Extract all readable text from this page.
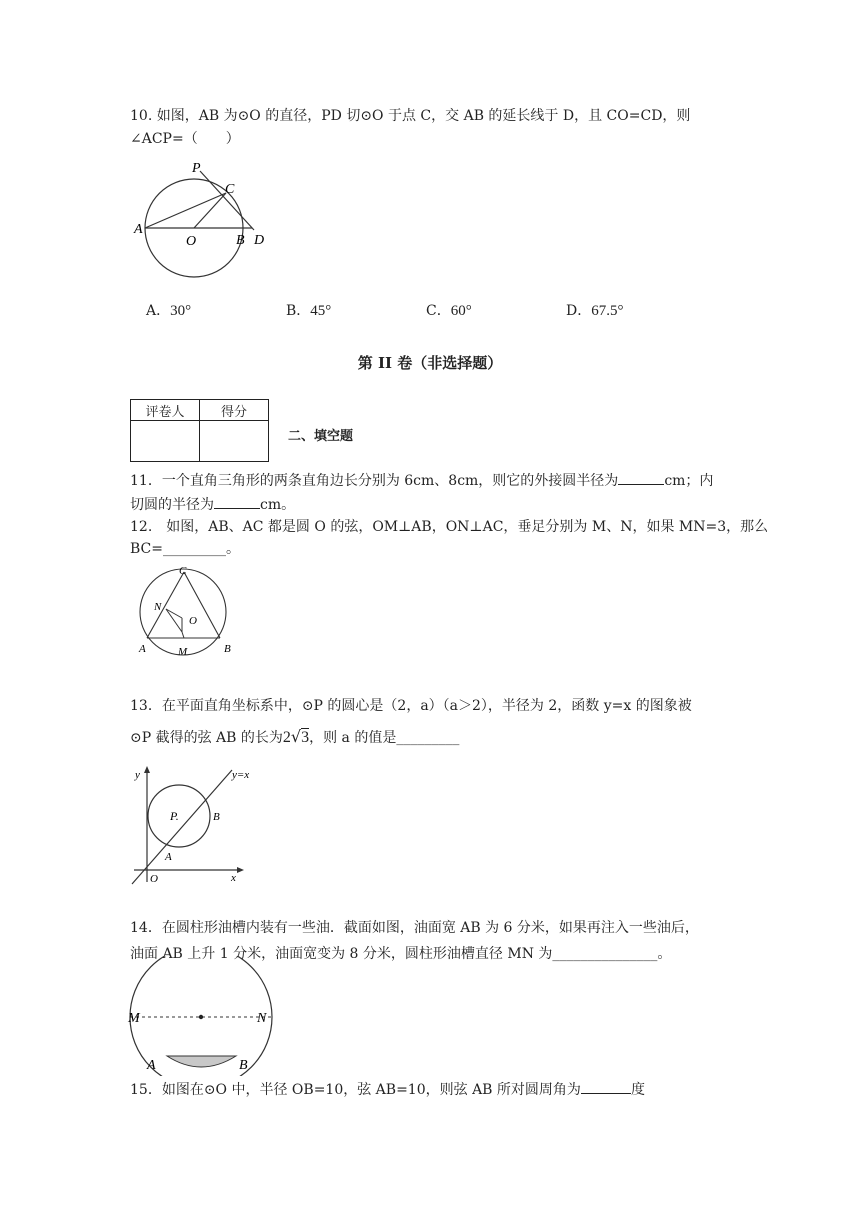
10. 如图，AB 为⊙O 的直径，PD 切⊙O 于点 C，交 AB 的延长线于 D，且 CO=CD，则
∠ACP=（　　）
P
C
A
O	B D
A．30°	B．45°	C．60°	D．67.5°
第 II 卷（非选择题）
评卷人	得分

二、填空题
11．一个直角三角形的两条直角边长分别为 6cm、8cm，则它的外接圆半径为	cm；内
切圆的半径为	cm。
12.　如图，AB、AC 都是圆 O 的弦，OM⊥AB，ON⊥AC，垂足分别为 M、N，如果 MN=3，那么
BC=_________。
C
N
O
A	M	B
13．在平面直角坐标系中，⊙P 的圆心是（2，a）（a＞2），半径为 2，函数 y=x 的图象被
⊙P 截得的弦 AB 的长为2√3，则 a 的值是_________
y	y=x
P.	B
A
O	x
14．在圆柱形油槽内装有一些油．截面如图，油面宽 AB 为 6 分米，如果再注入一些油后，
油面 AB 上升 1 分米，油面宽变为 8 分米，圆柱形油槽直径 MN 为_______________。
M	N
A	B
15．如图在⊙O 中，半径 OB=10，弦 AB=10，则弦 AB 所对圆周角为	度
